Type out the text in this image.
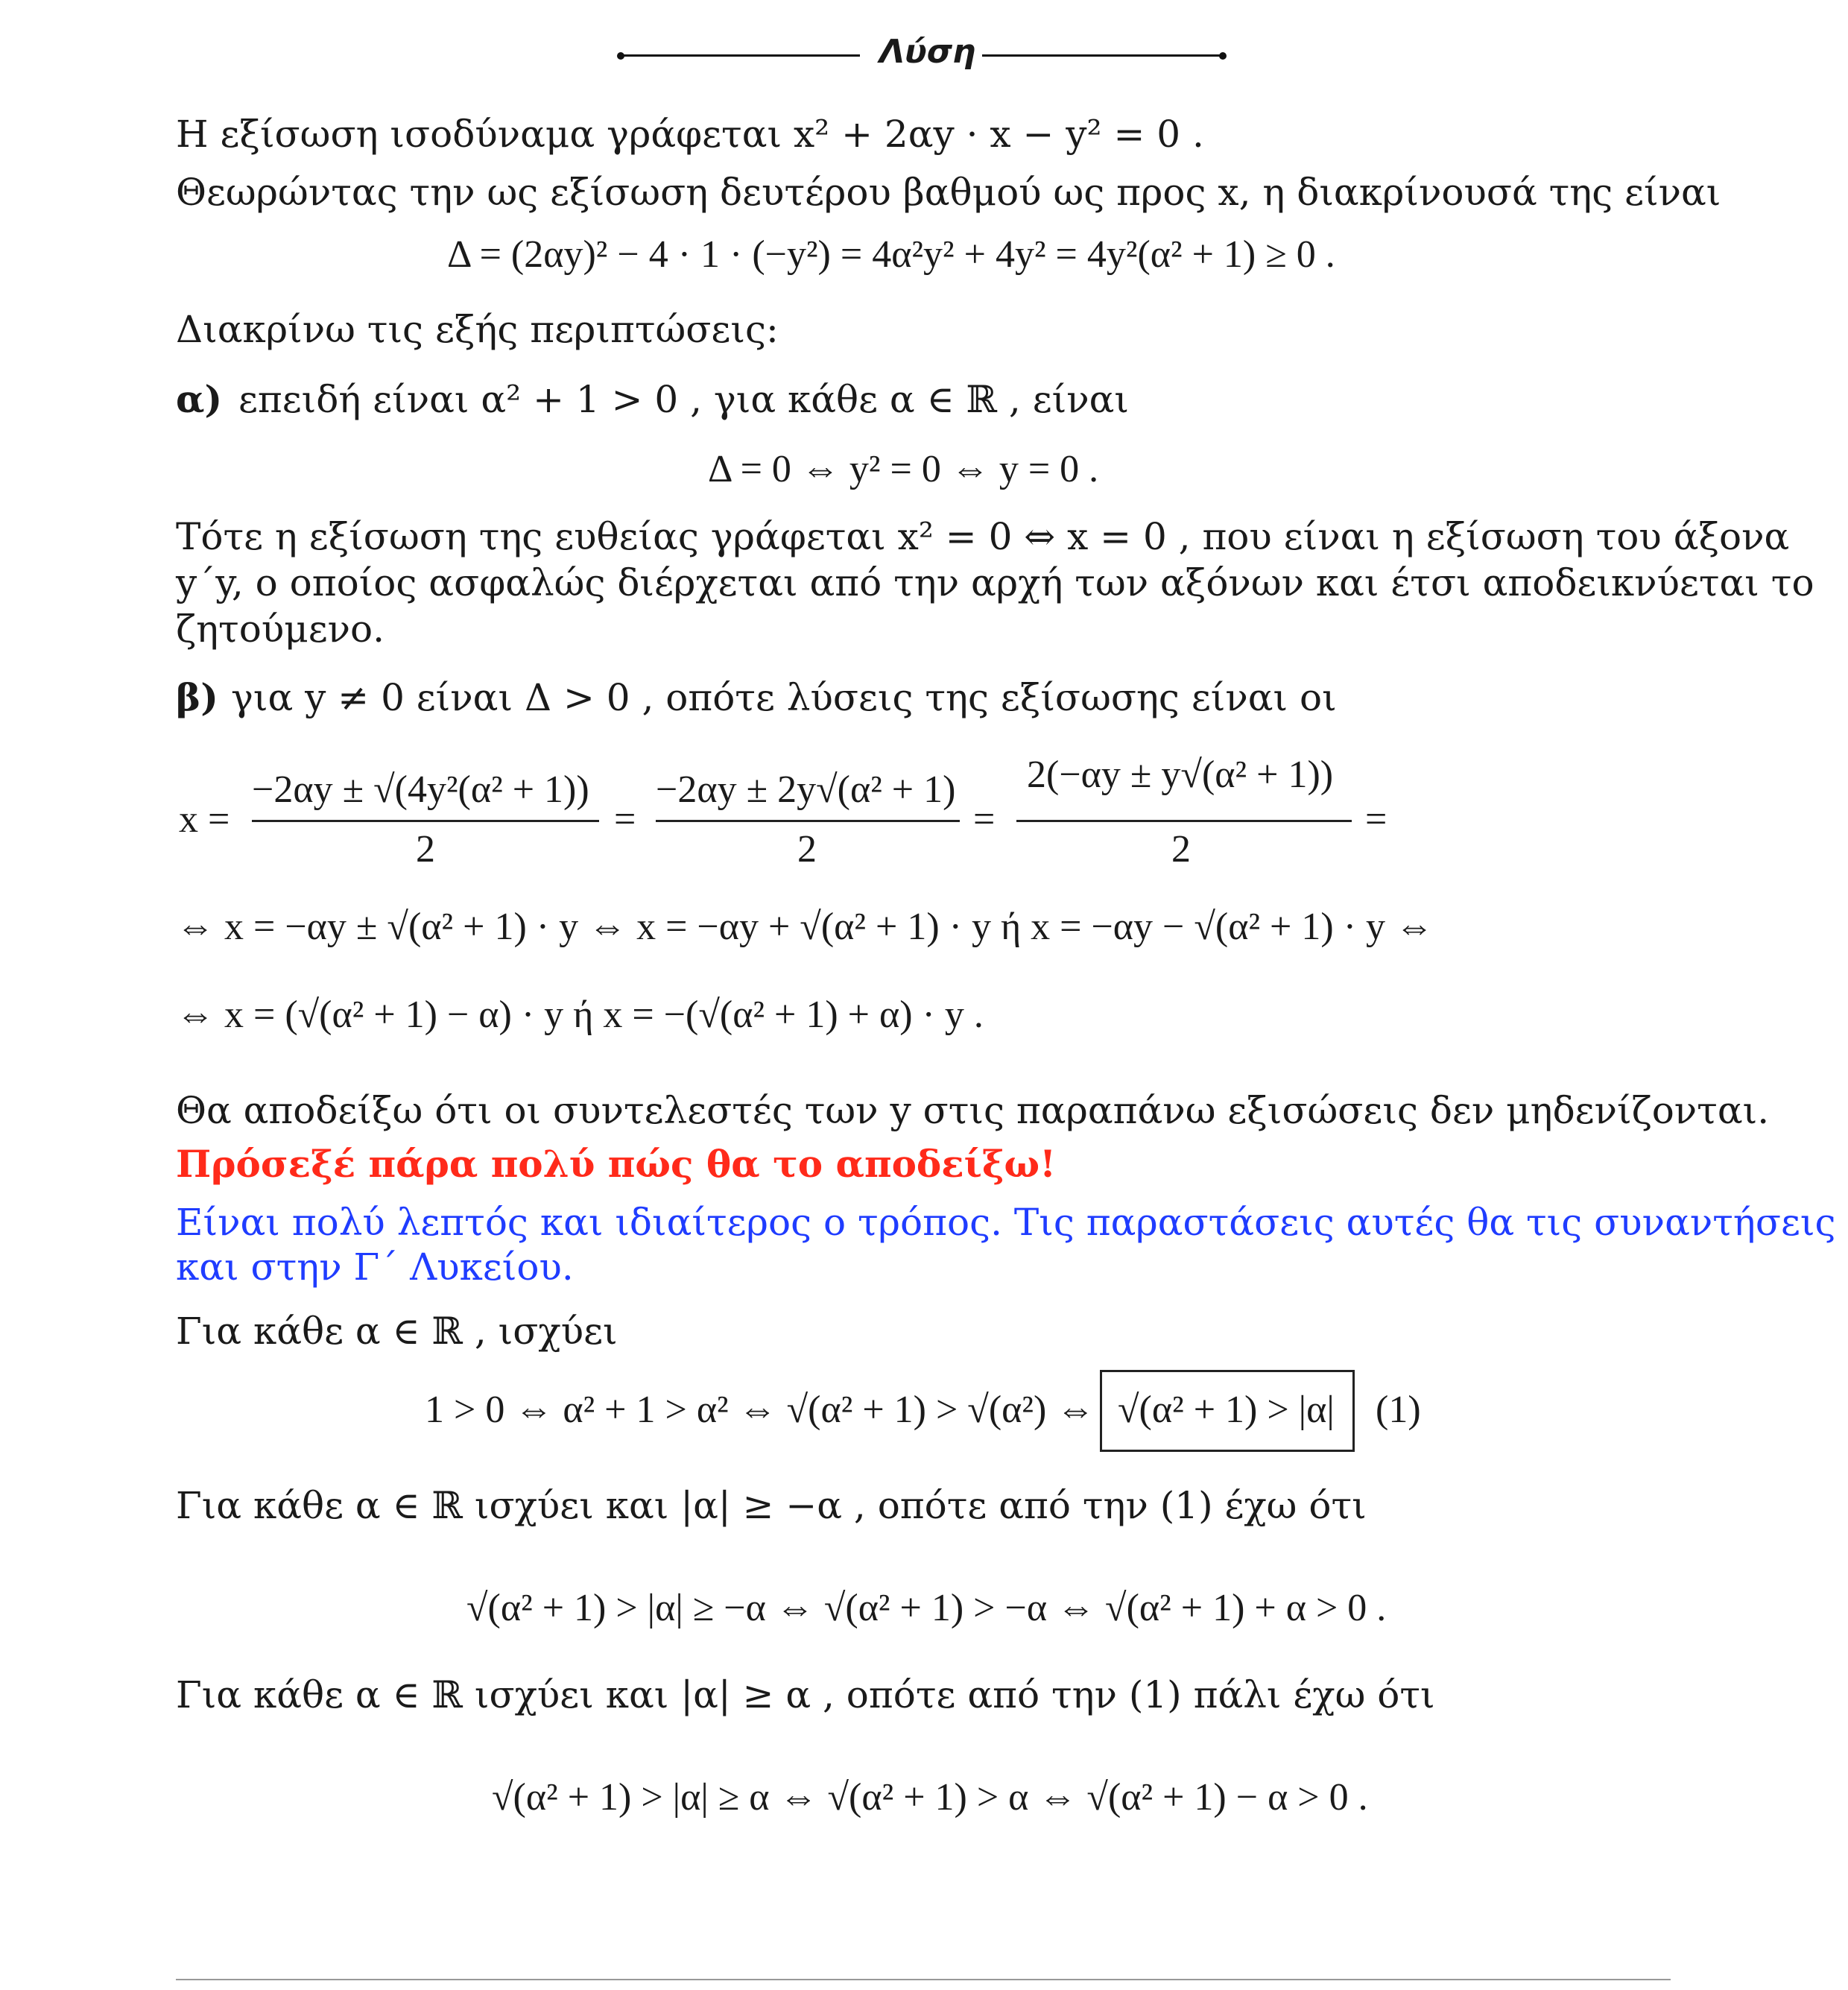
Λύση
Η εξίσωση ισοδύναμα γράφεται x² + 2αy · x − y² = 0 .
Θεωρώντας την ως εξίσωση δευτέρου βαθμού ως προς x, η διακρίνουσά της είναι
Δ = (2αy)² − 4 · 1 · (−y²) = 4α²y² + 4y² = 4y²(α² + 1) ≥ 0 .
Διακρίνω τις εξής περιπτώσεις:
α) επειδή είναι α² + 1 > 0 , για κάθε α ∈ ℝ , είναι
Δ = 0 ⇔ y² = 0 ⇔ y = 0 .
Τότε η εξίσωση της ευθείας γράφεται x² = 0 ⇔ x = 0 , που είναι η εξίσωση του άξονα
y΄y, ο οποίος ασφαλώς διέρχεται από την αρχή των αξόνων και έτσι αποδεικνύεται το
ζητούμενο.
β) για y ≠ 0 είναι Δ > 0 , οπότε λύσεις της εξίσωσης είναι οι
x =
−2αy ± √(4y²(α² + 1))
2
=
−2αy ± 2y√(α² + 1)
2
=
2(−αy ± y√(α² + 1))
2
=
⇔ x = −αy ± √(α² + 1) · y ⇔ x = −αy + √(α² + 1) · y ή x = −αy − √(α² + 1) · y ⇔
⇔ x = (√(α² + 1) − α) · y ή x = −(√(α² + 1) + α) · y .
Θα αποδείξω ότι οι συντελεστές των y στις παραπάνω εξισώσεις δεν μηδενίζονται.
Πρόσεξέ πάρα πολύ πώς θα το αποδείξω!
Είναι πολύ λεπτός και ιδιαίτερος ο τρόπος. Τις παραστάσεις αυτές θα τις συναντήσεις
και στην Γ΄ Λυκείου.
Για κάθε α ∈ ℝ , ισχύει
1 > 0 ⇔ α² + 1 > α² ⇔ √(α² + 1) > √(α²) ⇔ √(α² + 1) > |α| (1)
Για κάθε α ∈ ℝ ισχύει και |α| ≥ −α , οπότε από την (1) έχω ότι
√(α² + 1) > |α| ≥ −α ⇔ √(α² + 1) > −α ⇔ √(α² + 1) + α > 0 .
Για κάθε α ∈ ℝ ισχύει και |α| ≥ α , οπότε από την (1) πάλι έχω ότι
√(α² + 1) > |α| ≥ α ⇔ √(α² + 1) > α ⇔ √(α² + 1) − α > 0 .
